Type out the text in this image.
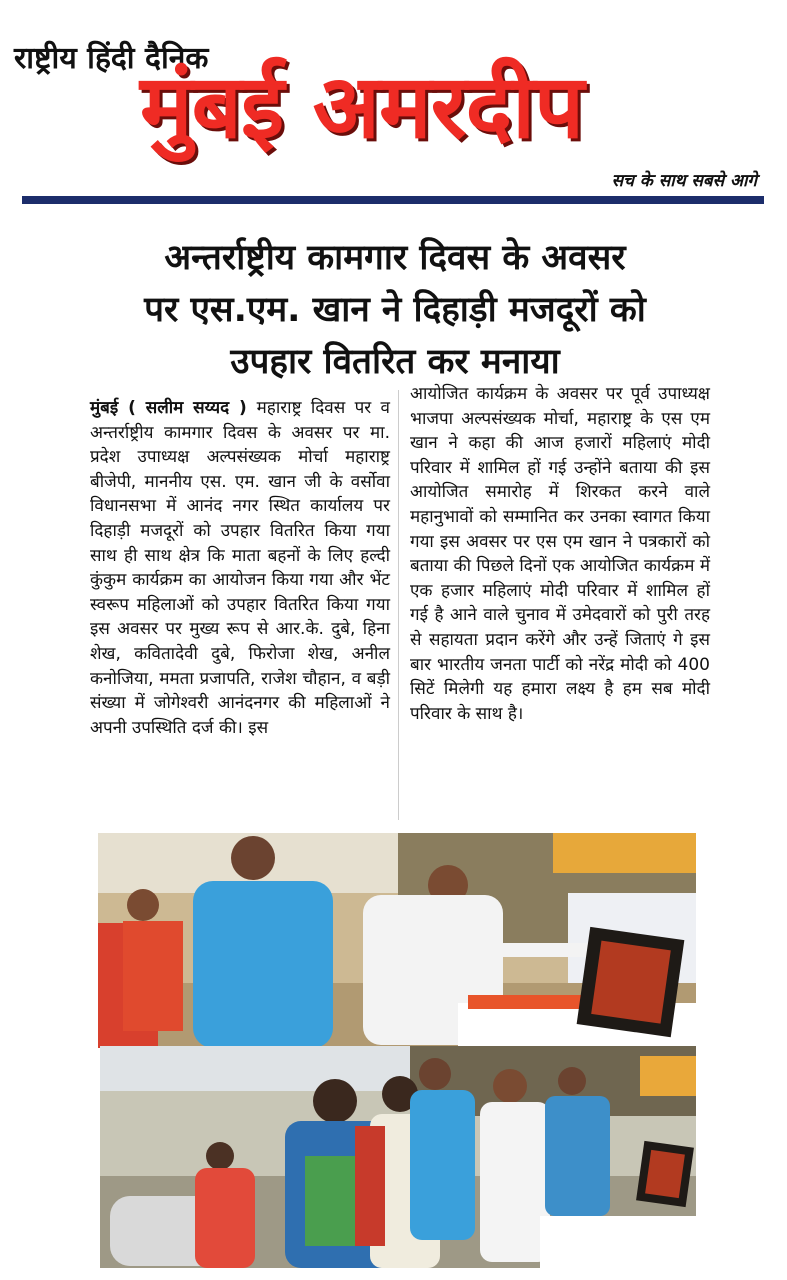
राष्ट्रीय हिंदी दैनिक
मुंबई अमरदीप
सच के साथ सबसे आगे
अन्तर्राष्ट्रीय कामगार दिवस के अवसर
पर एस.एम. खान ने दिहाड़ी मजदूरों को
उपहार वितरित कर मनाया
मुंबई ( सलीम सय्यद ) महाराष्ट्र दिवस पर व अन्तर्राष्ट्रीय कामगार दिवस के अवसर पर मा. प्रदेश उपाध्यक्ष अल्पसंख्यक मोर्चा महाराष्ट्र बीजेपी, माननीय एस. एम. खान जी के वर्सोवा विधानसभा में आनंद नगर स्थित कार्यालय पर दिहाड़ी मजदूरों को उपहार वितरित किया गया साथ ही साथ क्षेत्र कि माता बहनों के लिए हल्दी कुंकुम कार्यक्रम का आयोजन किया गया और भेंट स्वरूप महिलाओं को उपहार वितरित किया गया इस अवसर पर मुख्य रूप से आर.के. दुबे, हिना शेख, कवितादेवी दुबे, फिरोजा शेख, अनील कनोजिया, ममता प्रजापति, राजेश चौहान, व बड़ी संख्या में जोगेश्वरी आनंदनगर की महिलाओं ने अपनी उपस्थिति दर्ज की। इस
आयोजित कार्यक्रम के अवसर पर पूर्व उपाध्यक्ष भाजपा अल्पसंख्यक मोर्चा, महाराष्ट्र के एस एम खान ने कहा की आज हजारों महिलाएं मोदी परिवार में शामिल हों गई उन्होंने बताया की इस आयोजित समारोह में शिरकत करने वाले महानुभावों को सम्मानित कर उनका स्वागत किया गया इस अवसर पर एस एम खान ने पत्रकारों को बताया की पिछले दिनों एक आयोजित कार्यक्रम में एक हजार महिलाएं मोदी परिवार में शामिल हों गई है आने वाले चुनाव में उमेदवारों को पुरी तरह से सहायता प्रदान करेंगे और उन्हें जिताएं गे इस बार भारतीय जनता पार्टी को नरेंद्र मोदी को 400 सिटें मिलेगी यह हमारा लक्ष्य है हम सब मोदी परिवार के साथ है।
